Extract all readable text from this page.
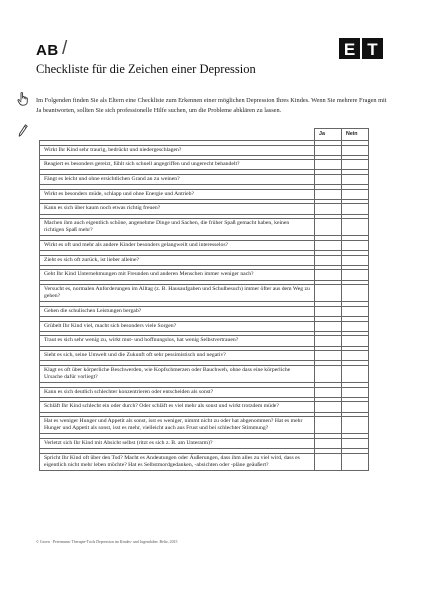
AB /	E T
Checkliste für die Zeichen einer Depression
Im Folgenden finden Sie als Eltern eine Checkliste zum Erkennen einer möglichen Depression Ihres Kindes. Wenn Sie mehrere Fragen mit Ja beantworten, sollten Sie sich professionelle Hilfe suchen, um die Probleme abklären zu lassen.
	Ja	Nein

Wirkt Ihr Kind sehr traurig, bedrückt und niedergeschlagen?		

Reagiert es besonders gereizt, fühlt sich schnell angegriffen und ungerecht behandelt?		

Fängt es leicht und ohne ersichtlichen Grand an zu weinen?		

Wirkt es besonders müde, schlapp und ohne Energie und Antrieb?		

Kann es sich über kaum noch etwas richtig freuen?		

Machen ihm auch eigentlich schöne, angenehme Dinge und Sachen, die früher Spaß gemacht haben, keinen richtigen Spaß mehr?		

Wirkt es oft und mehr als andere Kinder besonders gelangweilt und interesselos?		

Zieht es sich oft zurück, ist lieber alleine?		

Geht Ihr Kind Unternehmungen mit Freunden und anderen Menschen immer weniger nach?		

Versucht es, normalen Anforderungen im Alltag (z. B. Hausaufgaben und Schulbesuch) immer öfter aus dem Weg zu gehen?		

Gehen die schulischen Leistungen bergab?		

Grübelt Ihr Kind viel, macht sich besonders viele Sorgen?		

Traut es sich sehr wenig zu, wirkt mut- und hoffnungslos, hat wenig Selbstvertrauen?		

Sieht es sich, seine Umwelt und die Zukunft oft sehr pessimistisch und negativ?		

Klagt es oft über körperliche Beschwerden, wie Kopfschmerzen oder Bauchweh, ohne dass eine körperliche Ursache dafür vorliegt?		

Kann es sich deutlich schlechter konzentrieren oder entscheiden als sonst?		

Schläft Ihr Kind schlecht ein oder durch? Oder schläft es viel mehr als sonst und wirkt trotzdem müde?		

Hat es weniger Hunger und Appetit als sonst, isst es weniger, nimmt nicht zu oder hat abgenommen? Hat es mehr Hunger und Appetit als sonst, isst es mehr, vielleicht auch aus Frust und bei schlechter Stimmung?		

Verletzt sich Ihr Kind mit Absicht selbst (ritzt es sich z. B. am Unterarm)?		

Spricht Ihr Kind oft über den Tod? Macht es Andeutungen oder Äußerungen, dass ihm alles zu viel wird, dass es eigentlich nicht mehr leben möchte? Hat es Selbstmordgedanken, -absichten oder -pläne geäußert?		
© Groen · Petermann: Therapie-Tools Depression im Kindes- und Jugendalter. Beltz, 2015
